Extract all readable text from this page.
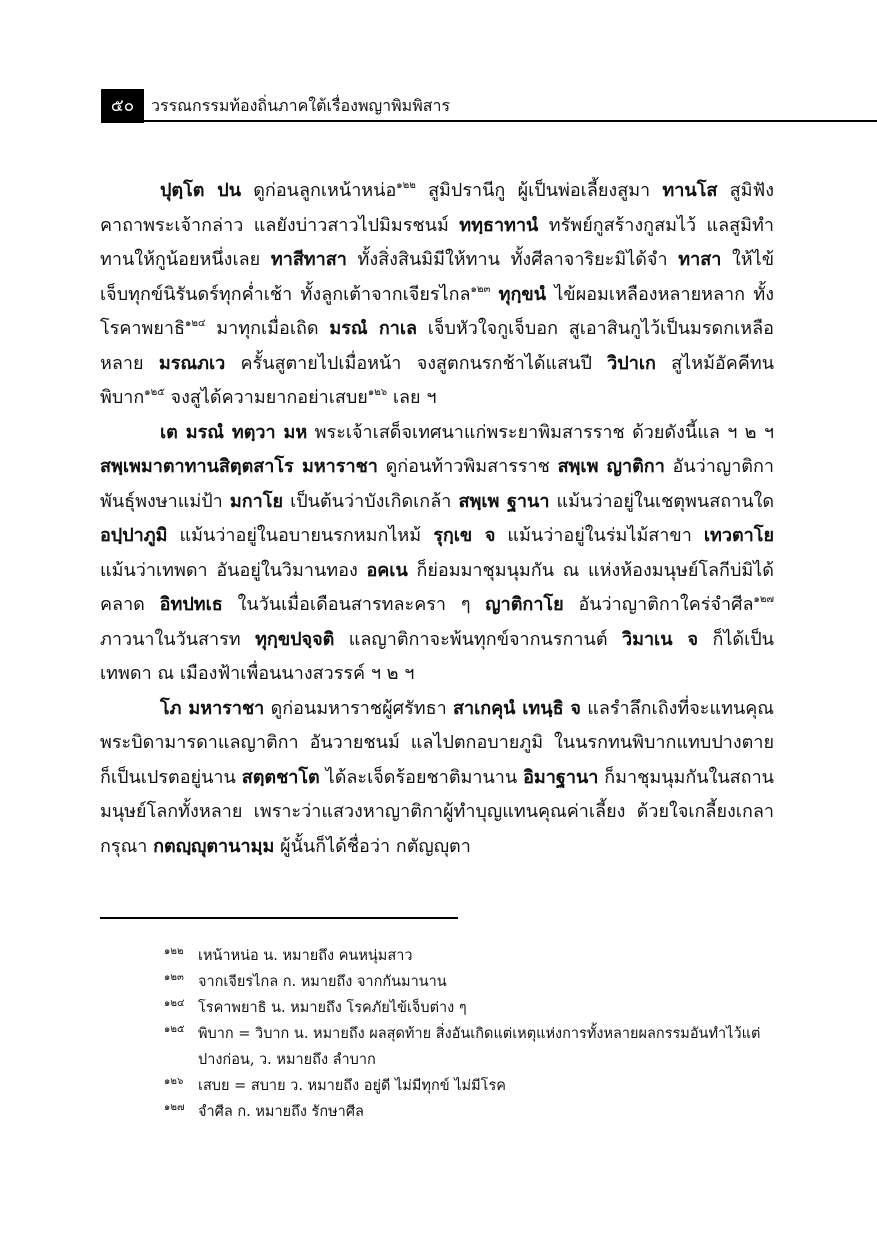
๕๐	วรรณกรรมท้องถิ่นภาคใต้เรื่องพญาพิมพิสาร

ปุตฺโต ปน ดูก่อนลูกเหน้าหน่อ$^{๑๒๒}$ สูมิปรานีกู ผู้เป็นพ่อเลี้ยงสูมา ทานโส สูมิฟังคาถาพระเจ้ากล่าว แลยังบ่าวสาวไปมิมรชนม์ ททฺธาทานํ ทรัพย์กูสร้างกูสมไว้ แลสูมิทำทานให้กูน้อยหนึ่งเลย ทาสีทาสา ทั้งสิ่งสินมิมีให้ทาน ทั้งศีลาจาริยะมิได้จำ ทาสา ให้ไข้เจ็บทุกข์นิรันดร์ทุกค่ำเช้า ทั้งลูกเต้าจากเจียรไกล$^{๑๒๓}$ ทุกฺขนํ ไข้ผอมเหลืองหลายหลาก ทั้งโรคาพยาธิ$^{๑๒๔}$ มาทุกเมื่อเถิด มรณํ กาเล เจ็บหัวใจกูเจ็บอก สูเอาสินกูไว้เป็นมรดกเหลือหลาย มรณภเว ครั้นสูตายไปเมื่อหน้า จงสูตกนรกช้าได้แสนปี วิปาเก สูไหม้อัคคีทนพิบาก$^{๑๒๕}$ จงสูได้ความยากอย่าเสบย$^{๑๒๖}$ เลย ฯ

เต มรณํ ทตฺวา มห พระเจ้าเสด็จเทศนาแก่พระยาพิมสารราช ด้วยดังนี้แล ฯ ๒ ฯ สพฺเพมาตาทานสิตฺตสาโร มหาราชา ดูก่อนท้าวพิมสารราช สพฺเพ ญาติกา อันว่าญาติกา พันธุ์พงษาแม่ป้า มกาโย เป็นต้นว่าบังเกิดเกล้า สพฺเพ ฐานา แม้นว่าอยู่ในเชตุพนสถานใด อปฺปาภูมิ แม้นว่าอยู่ในอบายนรกหมกไหม้ รุกฺเข จ แม้นว่าอยู่ในร่มไม้สาขา เทวตาโย แม้นว่าเทพดา อันอยู่ในวิมานทอง อคเน ก็ย่อมมาชุมนุมกัน ณ แห่งห้องมนุษย์โลกีบ่มิได้คลาด อิทปทเธ ในวันเมื่อเดือนสารทละครา ๆ ญาติกาโย อันว่าญาติกาใคร่จำศีล$^{๑๒๗}$ ภาวนาในวันสารท ทุกฺขปจฺจติ แลญาติกาจะพ้นทุกข์จากนรกานต์ วิมาเน จ ก็ได้เป็นเทพดา ณ เมืองฟ้าเพื่อนนางสวรรค์ ฯ ๒ ฯ

โภ มหาราชา ดูก่อนมหาราชผู้ศรัทธา สาเกคุนํ เทนฺธิ จ แลรำลึกเถิงที่จะแทนคุณพระบิดามารดาแลญาติกา อันวายชนม์ แลไปตกอบายภูมิ ในนรกทนพิบากแทบปางตาย ก็เป็นเปรตอยู่นาน สตฺตชาโต ได้ละเจ็ดร้อยชาติมานาน อิมาฐานา ก็มาชุมนุมกันในสถานมนุษย์โลกทั้งหลาย เพราะว่าแสวงหาญาติกาผู้ทำบุญแทนคุณค่าเลี้ยง ด้วยใจเกลี้ยงเกลากรุณา กตญฺญุตานามฺม ผู้นั้นก็ได้ชื่อว่า กตัญญุตา

๑๒๒ เหน้าหน่อ น. หมายถึง คนหนุ่มสาว
๑๒๓ จากเจียรไกล ก. หมายถึง จากกันมานาน
๑๒๔ โรคาพยาธิ น. หมายถึง โรคภัยไข้เจ็บต่าง ๆ
๑๒๕ พิบาก = วิบาก น. หมายถึง ผลสุดท้าย สิ่งอันเกิดแต่เหตุแห่งการทั้งหลายผลกรรมอันทำไว้แต่ปางก่อน, ว. หมายถึง ลำบาก
๑๒๖	เสบย = สบาย ว. หมายถึง อยู่ดี ไม่มีทุกข์ ไม่มีโรค
๑๒๗ จำศีล ก. หมายถึง รักษาศีล
